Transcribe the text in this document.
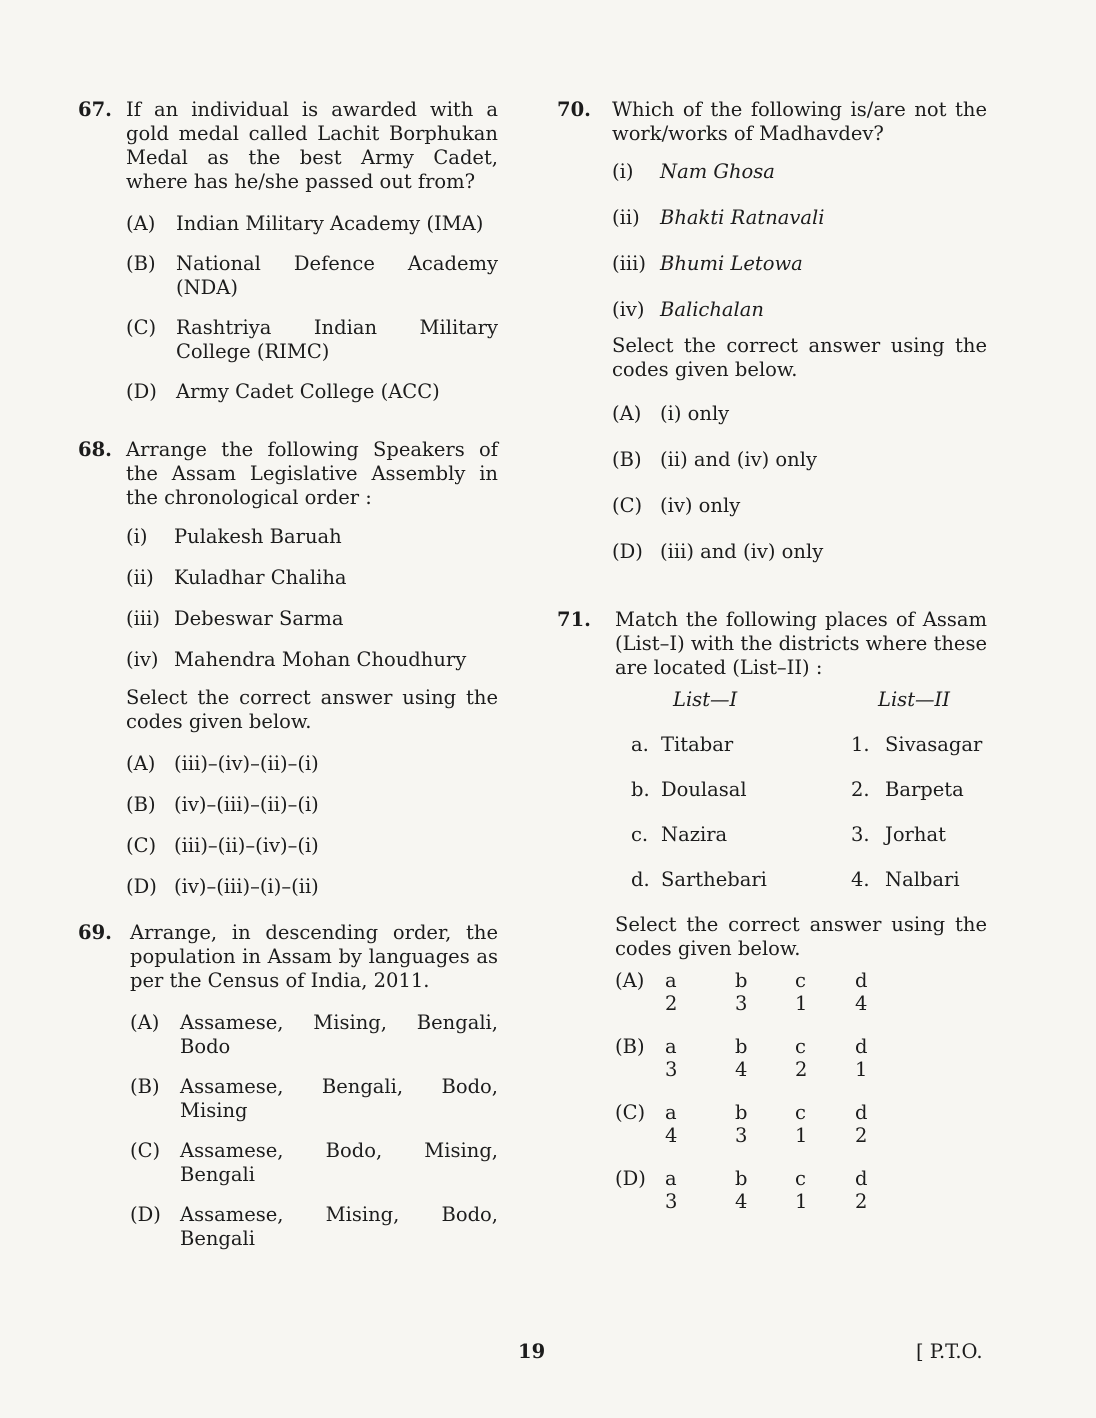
67. If an individual is awarded with a gold medal called Lachit Borphukan Medal as the best Army Cadet, where has he/she passed out from?
(A) Indian Military Academy (IMA)
(B) National Defence Academy (NDA)
(C) Rashtriya Indian Military College (RIMC)
(D) Army Cadet College (ACC)
68. Arrange the following Speakers of the Assam Legislative Assembly in the chronological order :
(i) Pulakesh Baruah
(ii) Kuladhar Chaliha
(iii) Debeswar Sarma
(iv) Mahendra Mohan Choudhury
Select the correct answer using the codes given below.
(A) (iii)–(iv)–(ii)–(i)
(B) (iv)–(iii)–(ii)–(i)
(C) (iii)–(ii)–(iv)–(i)
(D) (iv)–(iii)–(i)–(ii)
69. Arrange, in descending order, the population in Assam by languages as per the Census of India, 2011.
(A) Assamese, Mising, Bengali, Bodo
(B) Assamese, Bengali, Bodo, Mising
(C) Assamese, Bodo, Mising, Bengali
(D) Assamese, Mising, Bodo, Bengali
70. Which of the following is/are not the work/works of Madhavdev?
(i) Nam Ghosa
(ii) Bhakti Ratnavali
(iii) Bhumi Letowa
(iv) Balichalan
Select the correct answer using the codes given below.
(A) (i) only
(B) (ii) and (iv) only
(C) (iv) only
(D) (iii) and (iv) only
71. Match the following places of Assam (List–I) with the districts where these are located (List–II) :
List—I	List—II
a. Titabar	1. Sivasagar
b. Doulasal	2. Barpeta
c. Nazira	3. Jorhat
d. Sarthebari	4. Nalbari
Select the correct answer using the codes given below.
(A) a	b	c	d
2	3	1	4
(B) a	b	c	d
3	4	2	1
(C) a	b	c	d
4	3	1	2
(D) a	b	c	d
3	4	1	2
19	[ P.T.O.
